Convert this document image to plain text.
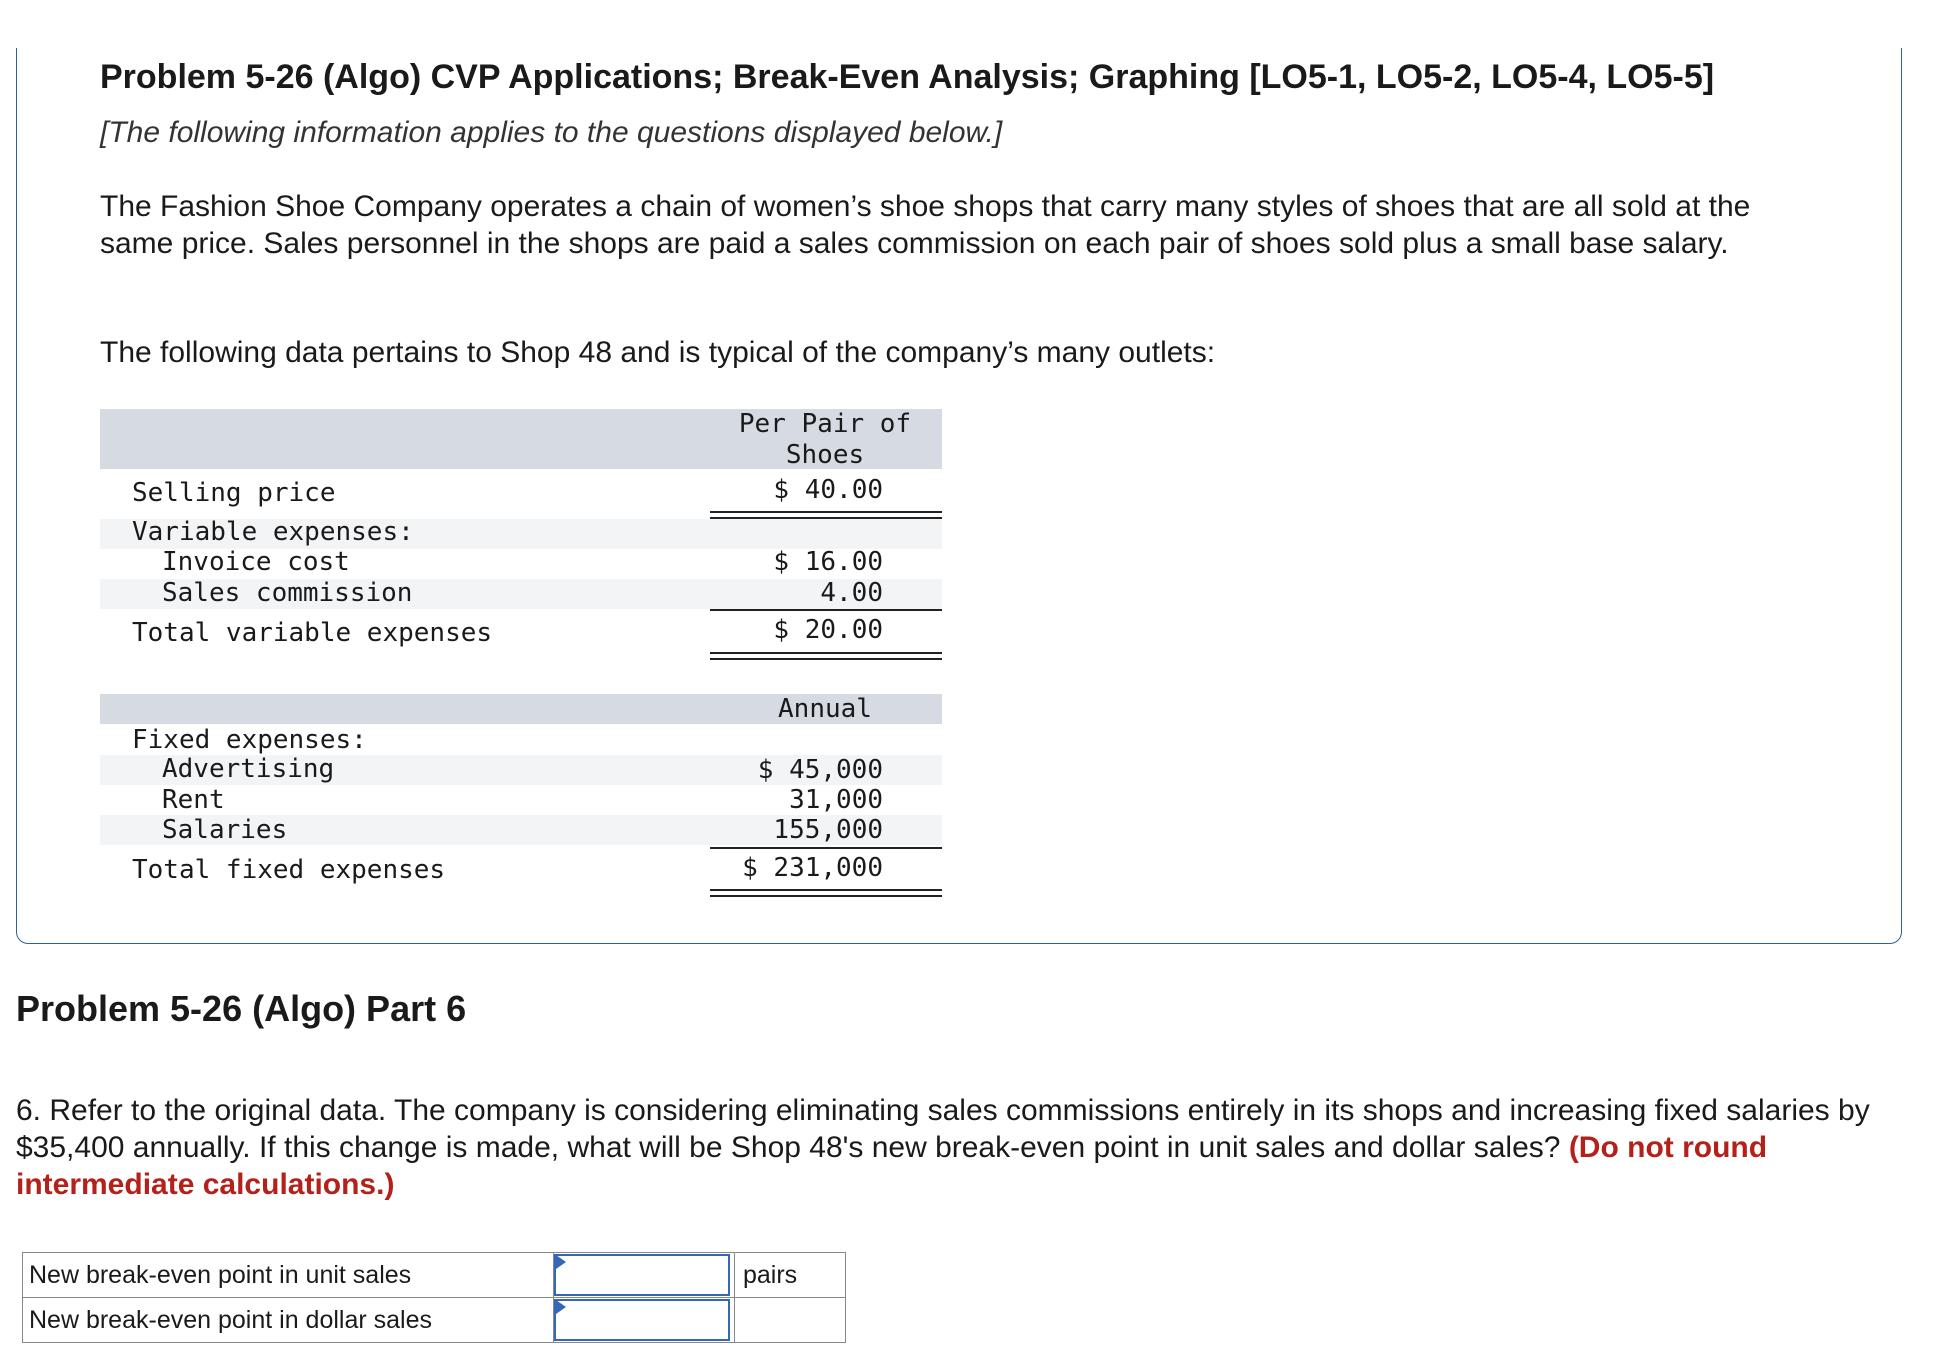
Problem 5-26 (Algo) CVP Applications; Break-Even Analysis; Graphing [LO5-1, LO5-2, LO5-4, LO5-5]
[The following information applies to the questions displayed below.]

The Fashion Shoe Company operates a chain of women’s shoe shops that carry many styles of shoes that are all sold at the same price. Sales personnel in the shops are paid a sales commission on each pair of shoes sold plus a small base salary.

The following data pertains to Shop 48 and is typical of the company’s many outlets:

Per Pair of
Shoes
Selling price	$ 40.00
Variable expenses:
Invoice cost	$ 16.00
Sales commission	4.00
Total variable expenses	$ 20.00
Annual
Fixed expenses:
Advertising	$ 45,000
Rent	31,000
Salaries	155,000
Total fixed expenses	$ 231,000
Problem 5-26 (Algo) Part 6

6. Refer to the original data. The company is considering eliminating sales commissions entirely in its shops and increasing fixed salaries by $35,400 annually. If this change is made, what will be Shop 48's new break-even point in unit sales and dollar sales? (Do not round intermediate calculations.)

New break-even point in unit sales		pairs
New break-even point in dollar sales	
